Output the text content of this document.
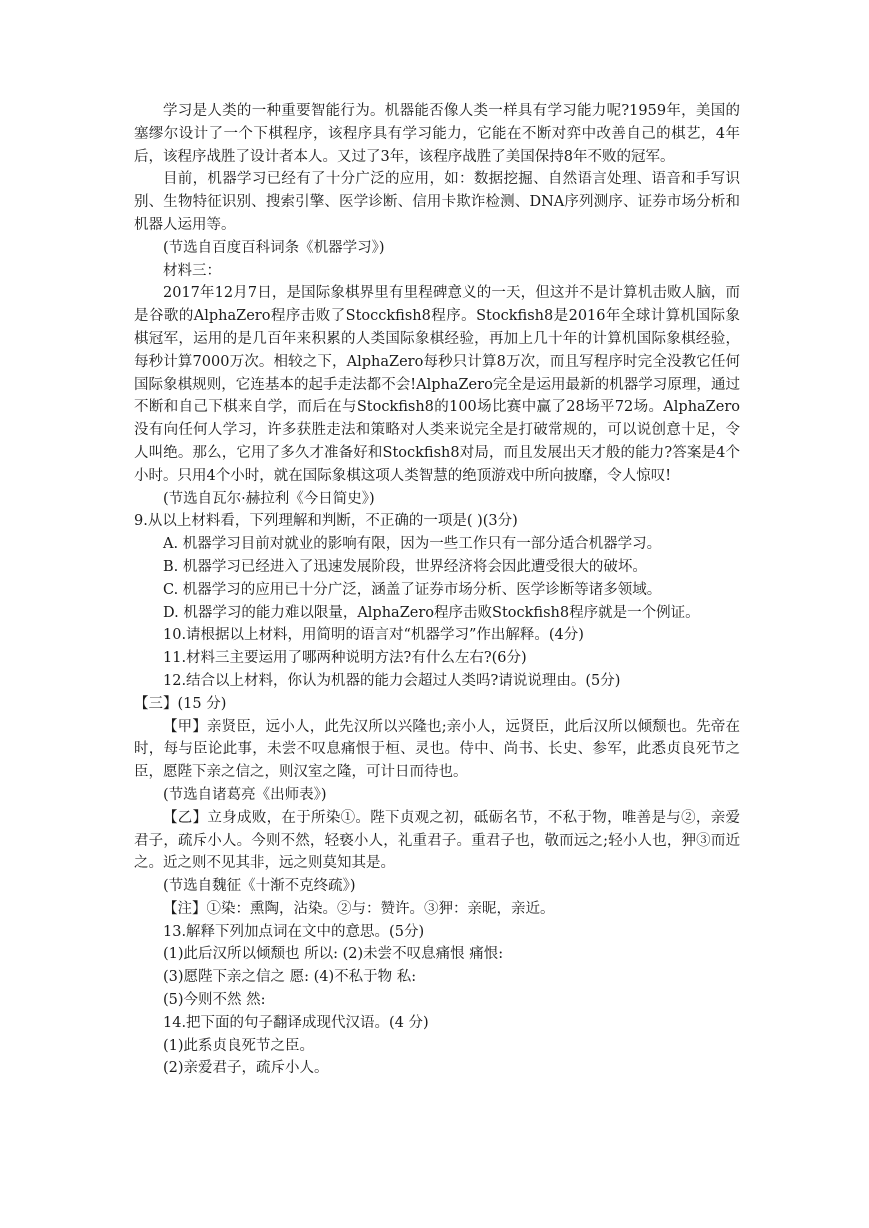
学习是人类的一种重要智能行为。机器能否像人类一样具有学习能力呢?1959年，美国的塞缪尔设计了一个下棋程序，该程序具有学习能力，它能在不断对弈中改善自己的棋艺，4年后，该程序战胜了设计者本人。又过了3年，该程序战胜了美国保持8年不败的冠军。

目前，机器学习已经有了十分广泛的应用，如：数据挖掘、自然语言处理、语音和手写识别、生物特征识别、搜索引擎、医学诊断、信用卡欺诈检测、DNA序列测序、证券市场分析和机器人运用等。

(节选自百度百科词条《机器学习》)

材料三：

2017年12月7日，是国际象棋界里有里程碑意义的一天，但这并不是计算机击败人脑，而是谷歌的AlphaZero程序击败了Stocckfish8程序。Stockfish8是2016年全球计算机国际象棋冠军，运用的是几百年来积累的人类国际象棋经验，再加上几十年的计算机国际象棋经验，每秒计算7000万次。相较之下，AlphaZero每秒只计算8万次，而且写程序时完全没教它任何国际象棋规则，它连基本的起手走法都不会!AlphaZero完全是运用最新的机器学习原理，通过不断和自己下棋来自学，而后在与Stockfish8的100场比赛中赢了28场平72场。AlphaZero没有向任何人学习，许多获胜走法和策略对人类来说完全是打破常规的，可以说创意十足，令人叫绝。那么，它用了多久才准备好和Stockfish8对局，而且发展出天才般的能力?答案是4个小时。只用4个小时，就在国际象棋这项人类智慧的绝顶游戏中所向披靡，令人惊叹!

(节选自瓦尔·赫拉利《今日简史》)

9.从以上材料看，下列理解和判断，不正确的一项是( )(3分)

A. 机器学习目前对就业的影响有限，因为一些工作只有一部分适合机器学习。

B. 机器学习已经进入了迅速发展阶段，世界经济将会因此遭受很大的破坏。

C. 机器学习的应用已十分广泛，涵盖了证券市场分析、医学诊断等诸多领域。

D. 机器学习的能力难以限量，AlphaZero程序击败Stockfish8程序就是一个例证。

10.请根据以上材料，用简明的语言对“机器学习”作出解释。(4分)

11.材料三主要运用了哪两种说明方法?有什么左右?(6分)

12.结合以上材料，你认为机器的能力会超过人类吗?请说说理由。(5分)

【三】(15 分)

【甲】亲贤臣，远小人，此先汉所以兴隆也;亲小人，远贤臣，此后汉所以倾颓也。先帝在时，每与臣论此事，未尝不叹息痛恨于桓、灵也。侍中、尚书、长史、参军，此悉贞良死节之臣，愿陛下亲之信之，则汉室之隆，可计日而待也。

(节选自诸葛亮《出师表》)

【乙】立身成败，在于所染①。陛下贞观之初，砥砺名节，不私于物，唯善是与②，亲爱君子，疏斥小人。今则不然，轻亵小人，礼重君子。重君子也，敬而远之;轻小人也，狎③而近之。近之则不见其非，远之则莫知其是。

(节选自魏征《十渐不克终疏》)

【注】①染：熏陶，沾染。②与：赞许。③狎：亲昵，亲近。

13.解释下列加点词在文中的意思。(5分)

(1)此后汉所以倾颓也 所以: (2)未尝不叹息痛恨 痛恨:

(3)愿陛下亲之信之 愿: (4)不私于物 私:

(5)今则不然 然:

14.把下面的句子翻译成现代汉语。(4 分)

(1)此系贞良死节之臣。

(2)亲爱君子，疏斥小人。
